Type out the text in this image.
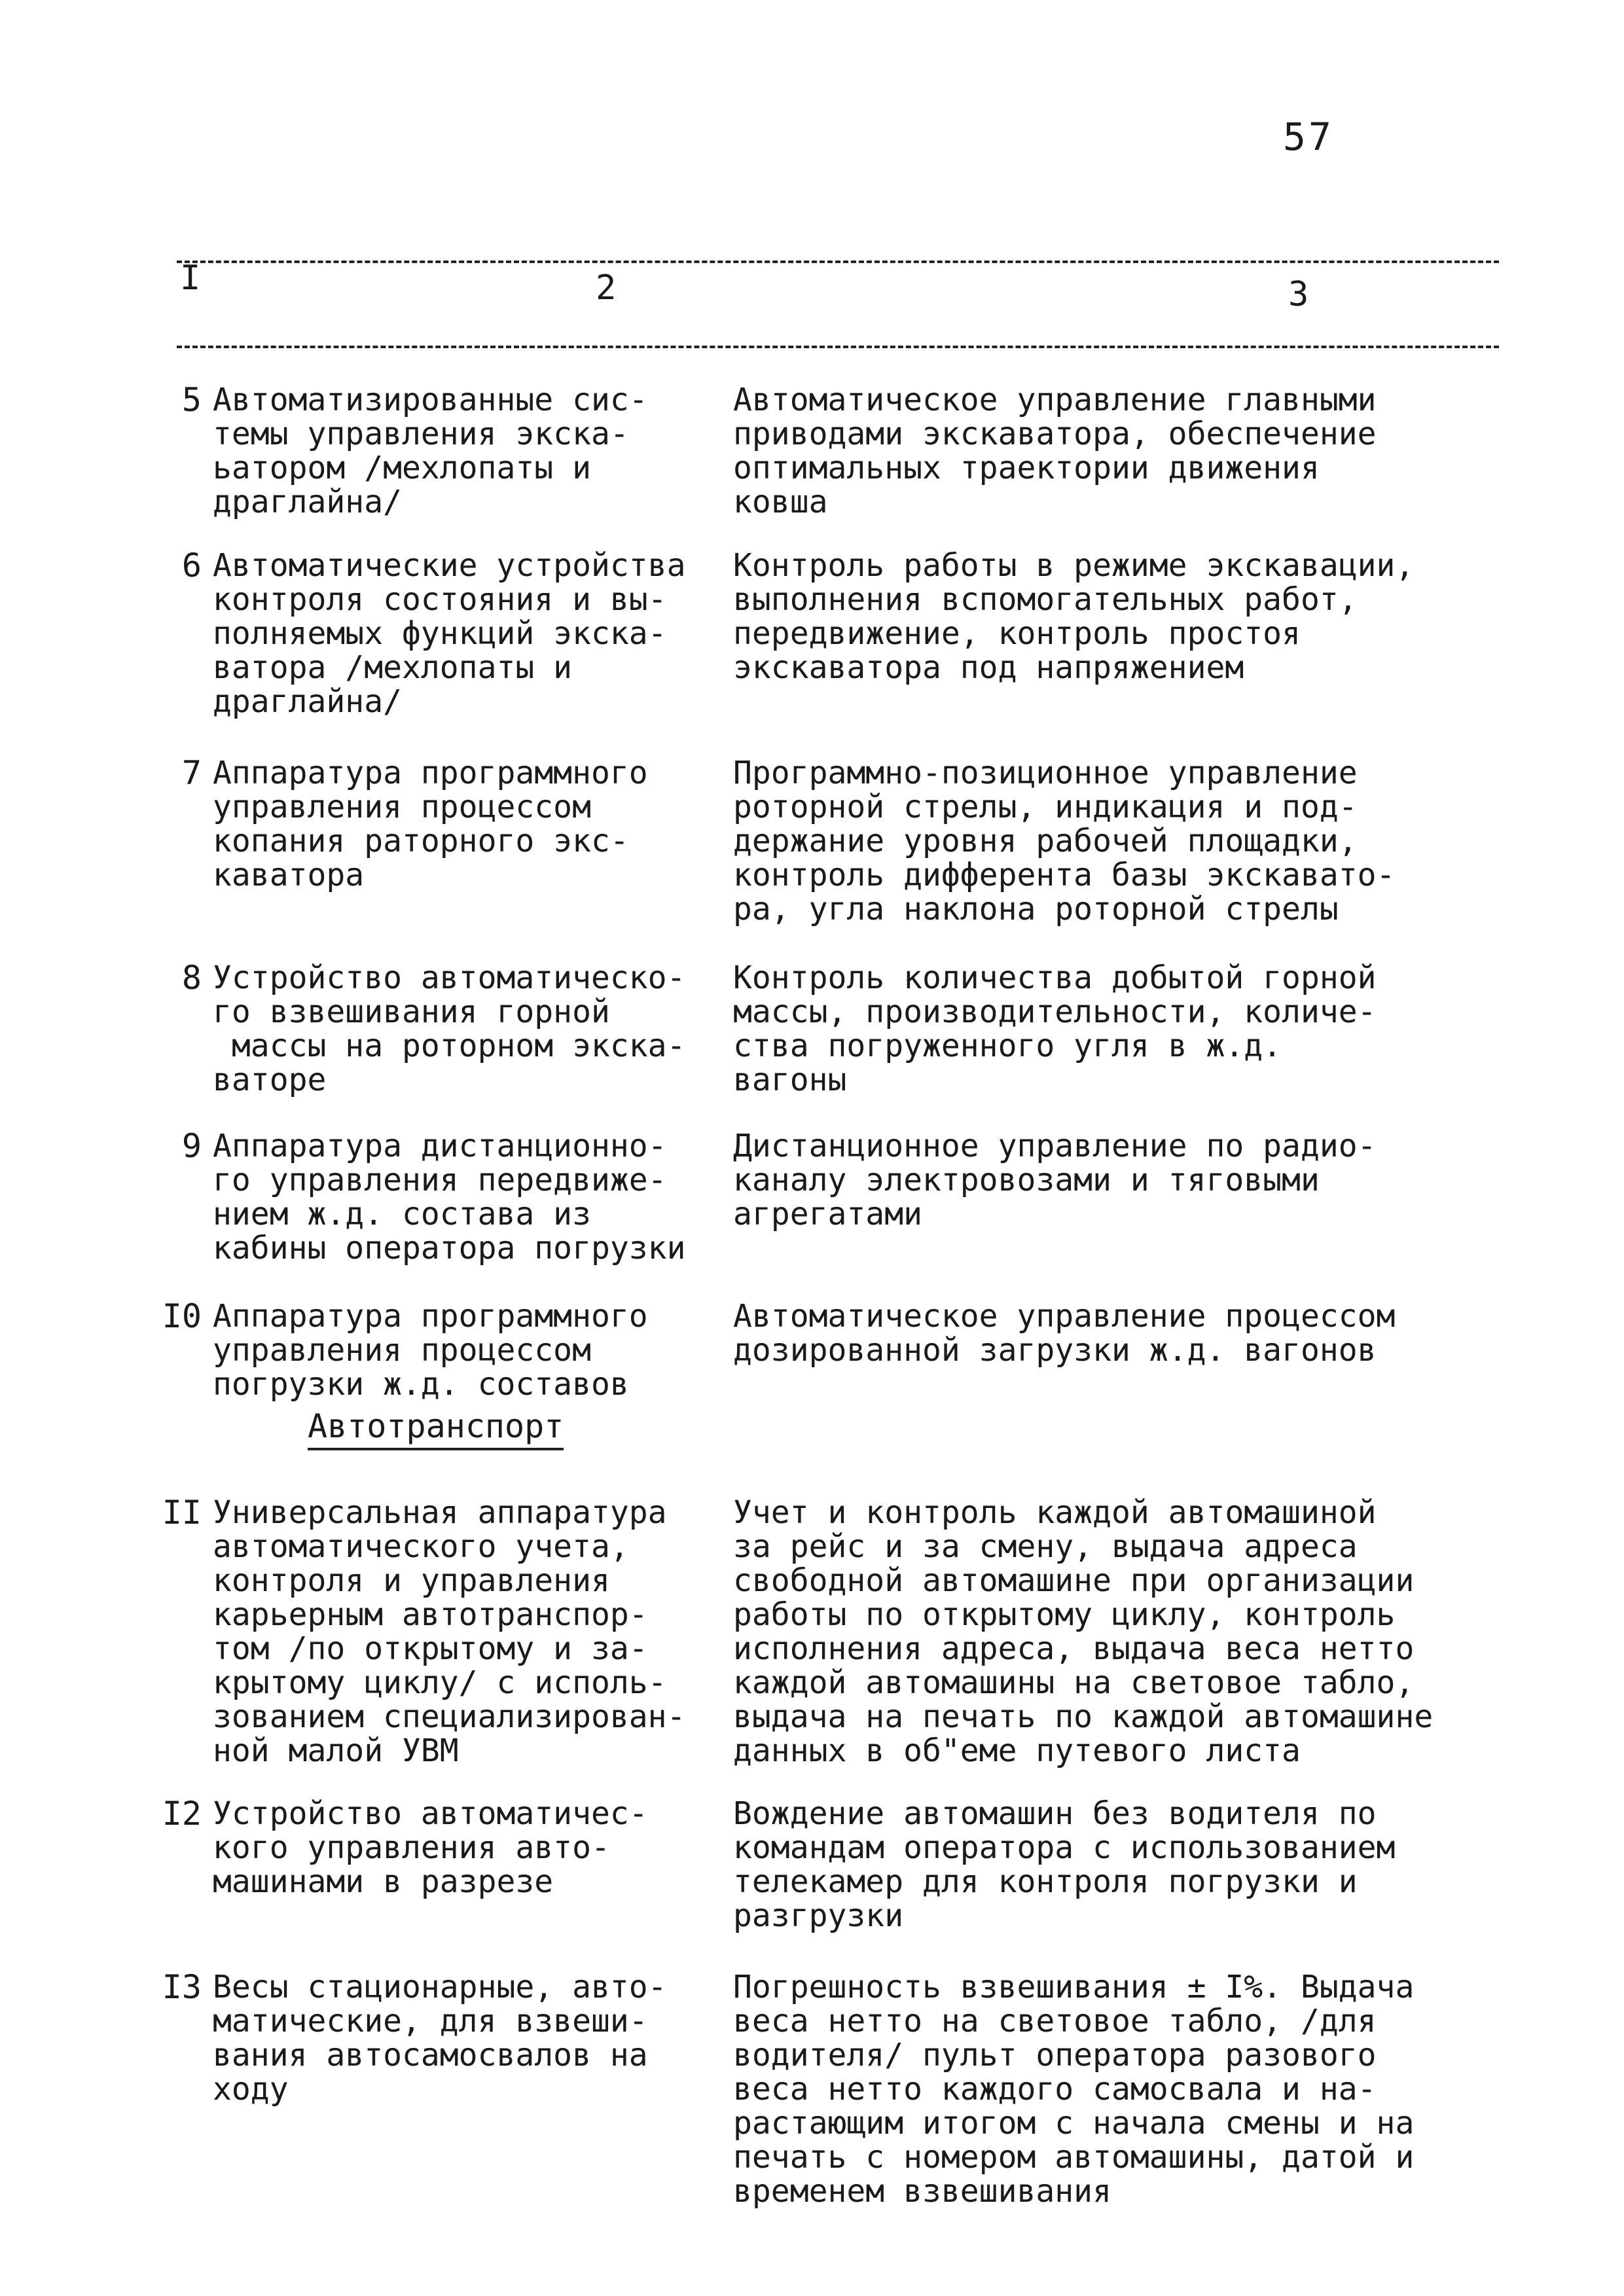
57
I	2	3
5 Автоматизированные сис-
темы управления экска-
ьатором /мехлопаты и
драглайна/
Автоматическое управление главными
приводами экскаватора, обеспечение
оптимальных траектории движения
ковша
6 Автоматические устройства
контроля состояния и вы-
полняемых функций экска-
ватора /мехлопаты и
драглайна/
Контроль работы в режиме экскавации,
выполнения вспомогательных работ,
передвижение, контроль простоя
экскаватора под напряжением
7 Аппаратура программного
управления процессом
копания раторного экс-
каватора
Программно-позиционное управление
роторной стрелы, индикация и под-
держание уровня рабочей площадки,
контроль дифферента базы экскавато-
ра, угла наклона роторной стрелы
8 Устройство автоматическо-
го взвешивания горной
масcы на роторном экска-
ваторе
Контроль количества добытой горной
массы, производительности, количе-
ства погруженного угля в ж.д.
вагоны
9 Аппаратура дистанционно-
го управления передвиже-
нием ж.д. состава из
кабины оператора погрузки
Дистанционное управление по радио-
каналу электровозами и тяговыми
агрегатами
I0 Аппаратура программного
управления процессом
погрузки ж.д. составов
Автоматическое управление процессом
дозированной загрузки ж.д. вагонов
Автотранспорт
II Универсальная аппаратура
автоматического учета,
контроля и управления
карьерным автотранспор-
том /по открытому и за-
крытому циклу/ с исполь-
зованием специализирован-
ной малой УВМ
Учет и контроль каждой автомашиной
за рейс и за смену, выдача адреса
свободной автомашине при организации
работы по открытому циклу, контроль
исполнения адреса, выдача веса нетто
каждой автомашины на световое табло,
выдача на печать по каждой автомашине
данных в об"еме путевого листа
I2 Устройство автоматичес-
кого управления авто-
машинами в разрезе
Вождение автомашин без водителя по
командам оператора с использованием
телекамер для контроля погрузки и
разгрузки
I3 Весы стационарные, авто-
матические, для взвеши-
вания автосамосвалов на
ходу
Погрешность взвешивания ± I%. Выдача
веса нетто на световое табло, /для
водителя/ пульт оператора разового
веса нетто каждого самосвала и на-
растающим итогом с начала смены и на
печать с номером автомашины, датой и
временем взвешивания
